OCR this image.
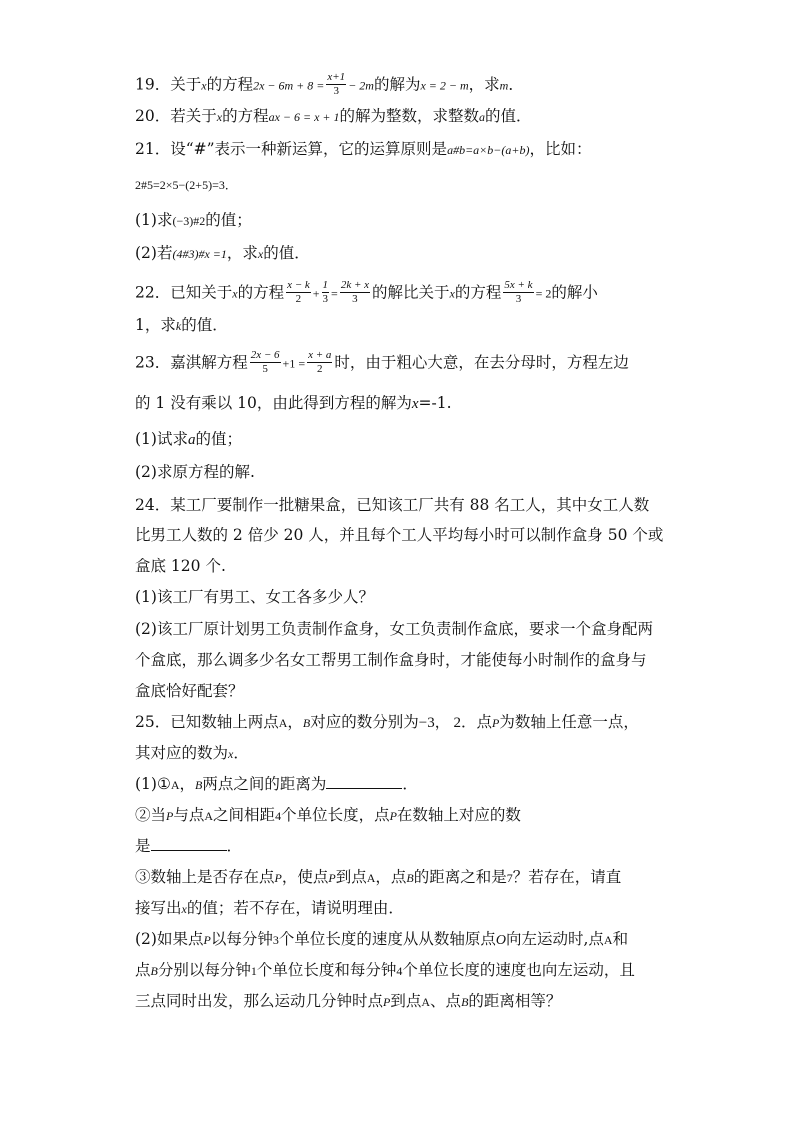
19．关于x的方程$2x - 6m + 8 = \frac{x+1}{3} - 2m$的解为x = 2 − m，求m．
20．若关于x的方程ax − 6 = x + 1的解为整数，求整数a的值．
21．设“#”表示一种新运算，它的运算原则是a#b=a×b−(a+b)，比如：
2#5=2×5−(2+5)=3．
(1)求(−3)#2的值；
(2)若(4#3)#x =1，求x的值．
22．已知关于x的方程 $\frac{x - k}{2} + \frac{1}{3} = \frac{2k + x}{3}$ 的解比关于x的方程 $\frac{5x + k}{3} = 2$的解小
1，求k的值．
23．嘉淇解方程 $\frac{2x - 6}{5} +1 = \frac{x + a}{2}$ 时，由于粗心大意，在去分母时，方程左边
的 1 没有乘以 10，由此得到方程的解为x=-1.
(1)试求a的值；
(2)求原方程的解.
24．某工厂要制作一批糖果盒，已知该工厂共有 88 名工人，其中女工人数
比男工人数的 2 倍少 20 人，并且每个工人平均每小时可以制作盒身 50 个或
盒底 120 个.
(1)该工厂有男工、女工各多少人？
(2)该工厂原计划男工负责制作盒身，女工负责制作盒底，要求一个盒身配两
个盒底，那么调多少名女工帮男工制作盒身时，才能使每小时制作的盒身与
盒底恰好配套？
25．已知数轴上两点A，B对应的数分别为−3， 2．点P为数轴上任意一点，
其对应的数为x．
(1)①A，B两点之间的距离为	．
②当P与点A之间相距4个单位长度，点P在数轴上对应的数
是	．
③数轴上是否存在点P，使点P到点A，点B的距离之和是7？若存在，请直
接写出x的值；若不存在，请说明理由．
(2)如果点P以每分钟3个单位长度的速度从从数轴原点O向左运动时,点A和
点B分别以每分钟1个单位长度和每分钟4个单位长度的速度也向左运动，且
三点同时出发，那么运动几分钟时点P到点A、点B的距离相等？
